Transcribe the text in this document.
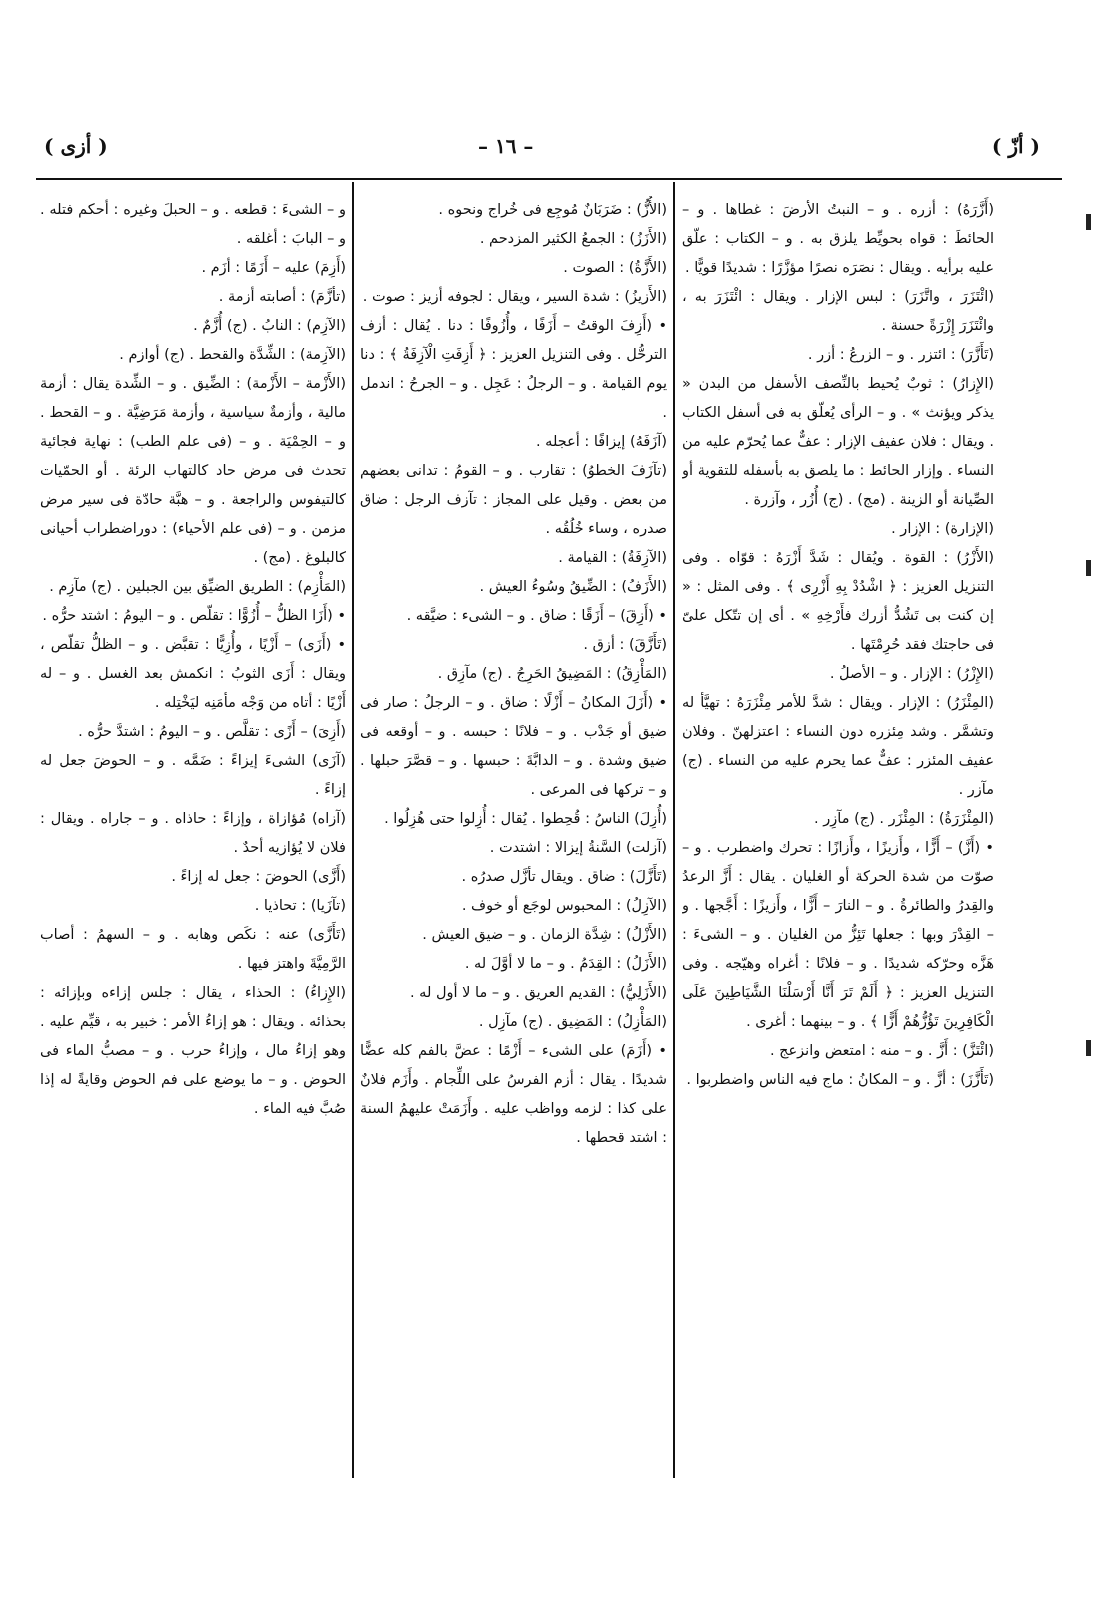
( أزّ )
– ١٦ –
( أزى )
(أَزَّرَهُ) : أزره . و – النبتُ الأرضَ : غطاها . و – الحائطَ : قواه بحويِّط يلزق به . و – الكتاب : علّق عليه برأيه . ويقال : نصَرَه نصرًا مؤزَّرًا : شديدًا قويًّا .
(ائْتَزَرَ ، واتَّزَرَ) : لبس الإزار . ويقال : ائْتَزَرَ به ، وائْتَزَرَ إِزْرَةً حسنة .
(تَأَزَّرَ) : ائتزر . و – الزرعُ : أزر .
(الإِزارُ) : ثوبٌ يُحيط بالنِّصف الأسفل من البدن « يذكر ويؤنث » . و – الرأى يُعلّق به فى أسفل الكتاب . ويقال : فلان عفيف الإزار : عفٌّ عما يُحرّم عليه من النساء . وإزار الحائط : ما يلصق به بأسفله للتقوية أو الصِّيانة أو الزينة . (مج) . (ج) أُزُر ، وآزرة .
(الإزارة) : الإزار .
(الأَزْرُ) : القوة . ويُقال : شَدَّ أَزْرَهُ : قوّاه . وفى التنزيل العزيز : ﴿ اشْدُدْ بِهِ أَزْرِى ﴾ . وفى المثل : « إن كنت بى تَشُدُّ أزرك فأَرْخِهِ » . أى إن تتّكل علىّ فى حاجتك فقد حُرِمْتَها .
(الإِزْرُ) : الإزار . و – الأصلُ .
(المِئْزَرُ) : الإزار . ويقال : شدَّ للأمر مِئْزَرَهُ : تهيَّأ له وتشمَّر . وشد مِئزره دون النساء : اعتزلهنّ . وفلان عفيف المئزر : عفٌّ عما يحرم عليه من النساء . (ج) مآزر .
(المِئْزَرَةُ) : المِئْزَر . (ج) مآزِر .
• (أَزَّ) – أَزًّا ، وأَزيزًا ، وأَزازًا : تحرك واضطرب . و – صوّت من شدة الحركة أو الغليان . يقال : أَزَّ الرعدُ والقِدرُ والطائرةُ . و – النارَ – أَزًّا ، وأَزيزًا : أَجَّجها . و – القِدْرَ وبها : جعلها تَئِزُّ من الغليان . و – الشىءَ : هَزَّه وحرّكه شديدًا . و – فلانًا : أغراه وهيّجه . وفى التنزيل العزيز : ﴿ أَلَمْ تَرَ أَنَّا أَرْسَلْنَا الشَّيَاطِينَ عَلَى الْكَافِرِينَ تَؤُزُّهُمْ أَزًّا ﴾ . و – بينهما : أغرى .
(ائْتَزَّ) : أَزَّ . و – منه : امتعض وانزعج .
(تَأَزَّزَ) : أزَّ . و – المكانُ : ماج فيه الناس واضطربوا .
(الأُزُّ) : ضَرَبَانٌ مُوجِع فى خُراج ونحوه .
(الأَزَزُ) : الجمعُ الكثير المزدحم .
(الأَزَّةُ) : الصوت .
(الأَزيزُ) : شدة السير ، ويقال : لجوفه أزيز : صوت .
• (أَزِفَ الوقتُ – أَزَفًا ، وأُزُوفًا : دنا . يُقال : أزف الترحُّل . وفى التنزيل العزيز : ﴿ أَزِفَتِ الْآزِفَةُ ﴾ : دنا يوم القيامة . و – الرجلُ : عَجِل . و – الجرحُ : اندمل .
(آزَفَهُ) إيزافًا : أعجله .
(تآزَفَ الخطوُ) : تقارب . و – القومُ : تدانى بعضهم من بعض . وقيل على المجاز : تآزف الرجل : ضاق صدره ، وساء خُلُقُه .
(الآزِفَةُ) : القيامة .
(الأَزَفُ) : الضِّيقُ وسُوءُ العيش .
• (أَزِقَ) – أَزَقًا : ضاق . و – الشىء : ضيَّقه .
(تَأَزَّقَ) : أزق .
(المَأْزِقُ) : المَضِيقُ الحَرِجُ . (ج) مآزِق .
• (أَزَلَ المكانُ – أَزْلًا : ضاق . و – الرجلُ : صار فى ضيق أو جَدْب . و – فلانًا : حبسه . و – أوقعه فى ضيق وشدة . و – الدابَّةَ : حبسها . و – قصَّرَ حبلها . و – تركها فى المرعى .
(أُزِلَ) الناسُ : قُحِطوا . يُقال : أُزِلوا حتى هُزِلُوا .
(آزلت) السَّنةُ إيزالا : اشتدت .
(تَأَزَّلَ) : ضاق . ويقال تأزَّل صدرُه .
(الآزِلُ) : المحبوس لوجَع أو خوف .
(الأَزْلُ) : شِدَّة الزمان . و – ضيق العيش .
(الأَزَلُ) : القِدَمُ . و – ما لا أوَّلَ له .
(الأَزَلِيُّ) : القديم العريق . و – ما لا أول له .
(المَأْزِلُ) : المَضِيق . (ج) مآزِل .
• (أَزَمَ) على الشىء – أَزْمًا : عضَّ بالفم كله عضًّا شديدًا . يقال : أزم الفرسُ على اللِّجام . وأَزَم فلانٌ على كذا : لزمه وواظب عليه . وأَزَمَتْ عليهمُ السنة : اشتد قحطها .
و – الشىءَ : قطعه . و – الحبلَ وغيره : أحكم فتله . و – البابَ : أغلقه .
(أَزِمَ) عليه – أَزَمًا : أزَم .
(تأزَّمَ) : أصابته أزمة .
(الآزِم) : النابُ . (ج) أُزَّمٌ .
(الآزِمة) : الشِّدَّة والقحط . (ج) أوازم .
(الأَزْمة – الأَزْمة) : الضِّيق . و – الشِّدة يقال : أزمة مالية ، وأزمةٌ سياسية ، وأزمة مَرَضِيَّة . و – القحط . و – الحِمْيَة . و – (فى علم الطب) : نهاية فجائية تحدث فى مرض حاد كالتهاب الرئة . أو الحمّيات كالتيفوس والراجعة . و – هبَّة حادّة فى سير مرض مزمن . و – (فى علم الأحياء) : دوراضطراب أحيانى كالبلوغ . (مج) .
(المَأْزِم) : الطريق الضيِّق بين الجبلين . (ج) مآزِم .
• (أَزَا الظلُّ – أُزُوًّا : تقلّص . و – اليومُ : اشتد حرُّه .
• (أَزَى) – أَزْيًا ، وأُزِيًّا : تقبَّض . و – الظلُّ تقلّص ، ويقال : أَزَى الثوبُ : انكمش بعد الغسل . و – له أَزْيًا : أتاه من وَجْه مأمَنِه ليَخْتِله .
(أَزِىَ) – أَزًى : تقلَّص . و – اليومُ : اشتدَّ حرُّه .
(آزَى) الشىءَ إيزاءً : ضَمَّه . و – الحوضَ جعل له إزاءً .
(آزاه) مُؤازاة ، وإزاءً : حاذاه . و – جاراه . ويقال : فلان لا يُؤازيه أحدٌ .
(أَزَّى) الحوضَ : جعل له إزاءً .
(تآزَيا) : تحاذيا .
(تَأَزَّى) عنه : نكَص وهابه . و – السهمُ : أصاب الرَّمِيَّةَ واهتز فيها .
(الإِزاءُ) : الحذاء ، يقال : جلس إزاءه وبإزائه : بحذائه . ويقال : هو إزاءُ الأمر : خبير به ، قيِّم عليه . وهو إزاءُ مال ، وإزاءُ حرب . و – مصبُّ الماء فى الحوض . و – ما يوضع على فم الحوض وقايةً له إذا صُبَّ فيه الماء .
